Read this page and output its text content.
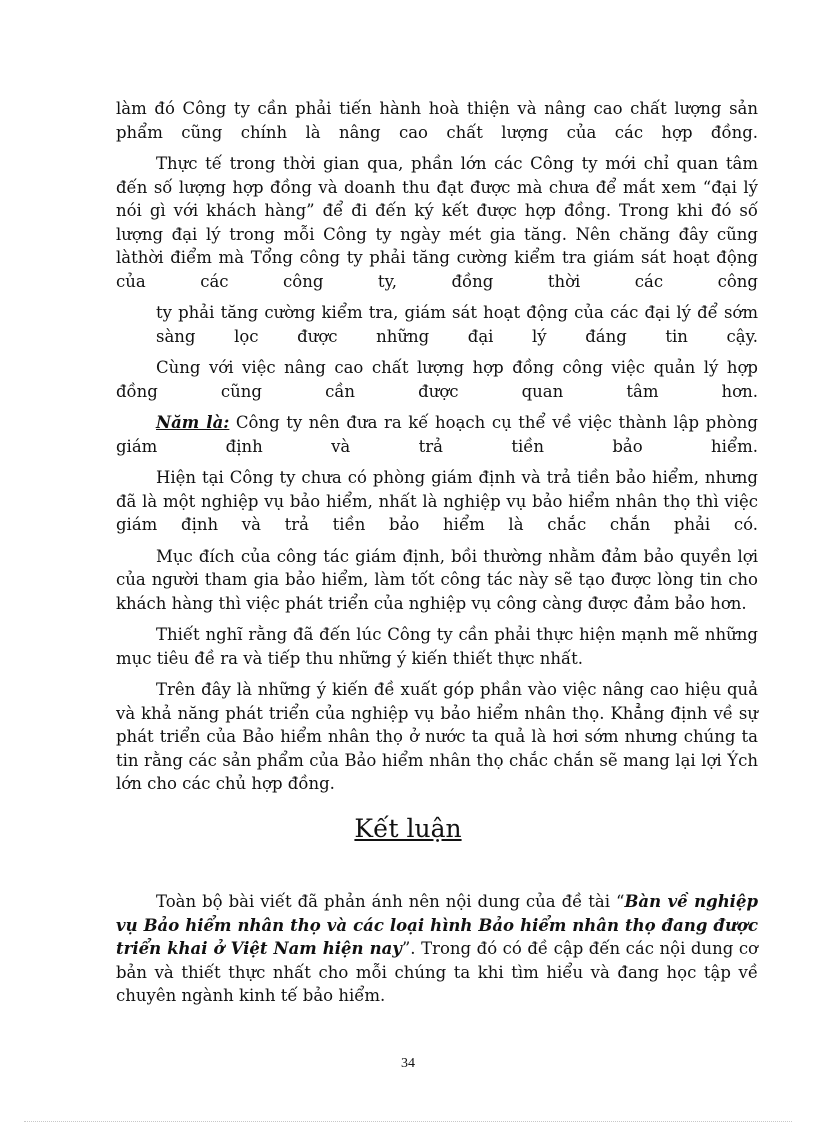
làm đó Công ty cần phải tiến hành hoà thiện và nâng cao chất lượng sản phẩm cũng chính là nâng cao chất lượng của các hợp đồng.

Thực tế trong thời gian qua, phần lớn các Công ty mới chỉ quan tâm đến số lượng hợp đồng và doanh thu đạt được mà chưa để mắt xem “đại lý nói gì với khách hàng” để đi đến ký kết được hợp đồng. Trong khi đó số lượng đại lý trong mỗi Công ty ngày mét gia tăng. Nên chăng đây cũng làthời điểm mà Tổng công ty phải tăng cường kiểm tra giám sát hoạt động của các công ty, đồng thời các công

ty phải tăng cường kiểm tra, giám sát hoạt động của các đại lý để sớm sàng lọc được những đại lý đáng tin cậy.

Cùng với việc nâng cao chất lượng hợp đồng công việc quản lý hợp đồng cũng cần được quan tâm hơn.

Năm là: Công ty nên đưa ra kế hoạch cụ thể về việc thành lập phòng giám định và trả tiền bảo hiểm.

Hiện tại Công ty chưa có phòng giám định và trả tiền bảo hiểm, nhưng đã là một nghiệp vụ bảo hiểm, nhất là nghiệp vụ bảo hiểm nhân thọ thì việc giám định và trả tiền bảo hiểm là chắc chắn phải có.

Mục đích của công tác giám định, bồi thường nhằm đảm bảo quyền lợi của người tham gia bảo hiểm, làm tốt công tác này sẽ tạo được lòng tin cho khách hàng thì việc phát triển của nghiệp vụ công càng được đảm bảo hơn.

Thiết nghĩ rằng đã đến lúc Công ty cần phải thực hiện mạnh mẽ những mục tiêu đề ra và tiếp thu những ý kiến thiết thực nhất.

Trên đây là những ý kiến đề xuất góp phần vào việc nâng cao hiệu quả và khả năng phát triển của nghiệp vụ bảo hiểm nhân thọ. Khẳng định về sự phát triển của Bảo hiểm nhân thọ ở nước ta quả là hơi sớm nhưng chúng ta tin rằng các sản phẩm của Bảo hiểm nhân thọ chắc chắn sẽ mang lại lợi Ých lớn cho các chủ hợp đồng.

Kết luận

Toàn bộ bài viết đã phản ánh nên nội dung của đề tài “Bàn về nghiệp vụ Bảo hiểm nhân thọ và các loại hình Bảo hiểm nhân thọ đang được triển khai ở Việt Nam hiện nay”. Trong đó có đề cập đến các nội dung cơ bản và thiết thực nhất cho mỗi chúng ta khi tìm hiểu và đang học tập về chuyên ngành kinh tế bảo hiểm.

34
